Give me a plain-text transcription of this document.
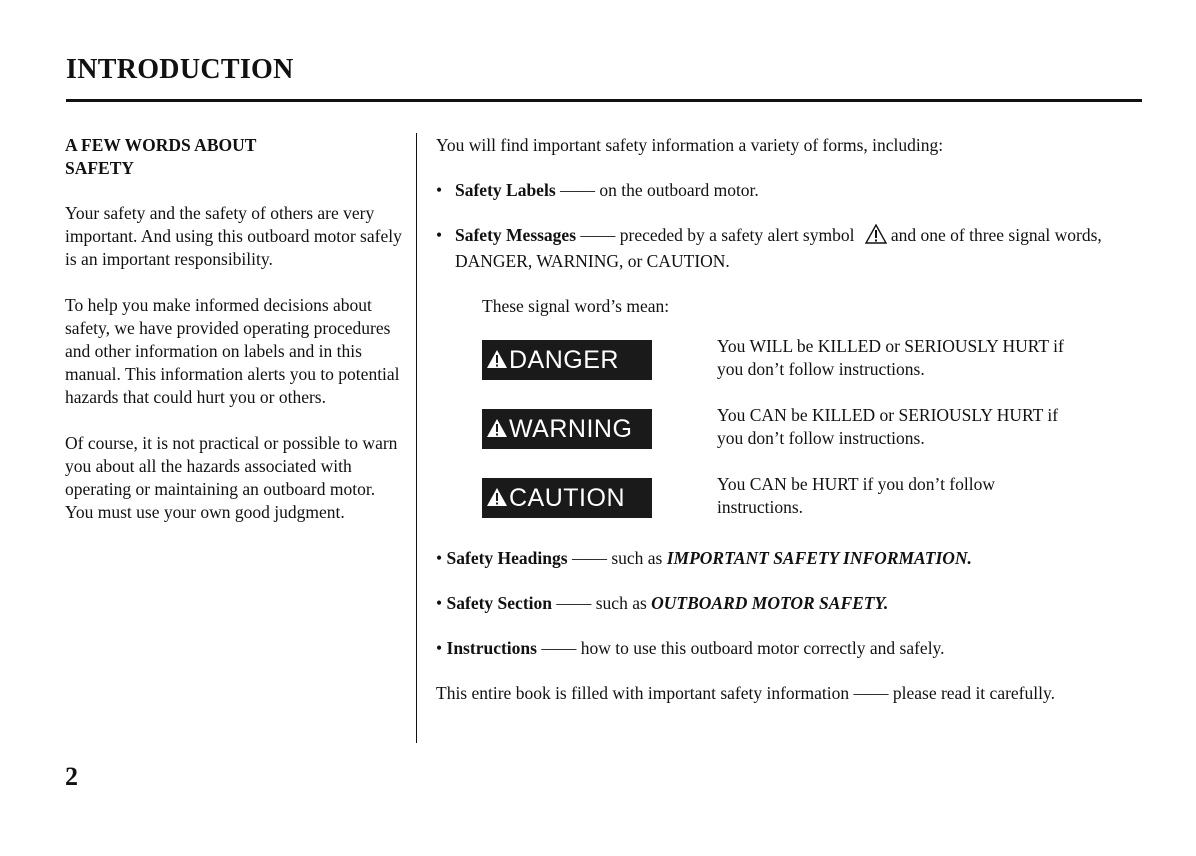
INTRODUCTION
A FEW WORDS ABOUT
SAFETY

Your safety and the safety of others are very important. And using this outboard motor safely is an important responsibility.

To help you make informed decisions about safety, we have provided operating procedures and other information on labels and in this manual. This information alerts you to potential hazards that could hurt you or others.

Of course, it is not practical or possible to warn you about all the hazards associated with operating or maintaining an outboard motor. You must use your own good judgment.

You will find important safety information a variety of forms, including:
• Safety Labels —— on the outboard motor.
• Safety Messages —— preceded by a safety alert symbol and one of three signal words, DANGER, WARNING, or CAUTION.
These signal word’s mean:
DANGER	You WILL be KILLED or SERIOUSLY HURT if you don’t follow instructions.
WARNING	You CAN be KILLED or SERIOUSLY HURT if you don’t follow instructions.
CAUTION	You CAN be HURT if you don’t follow instructions.
• Safety Headings —— such as IMPORTANT SAFETY INFORMATION.
• Safety Section —— such as OUTBOARD MOTOR SAFETY.
• Instructions —— how to use this outboard motor correctly and safely.
This entire book is filled with important safety information —— please read it carefully.
2
